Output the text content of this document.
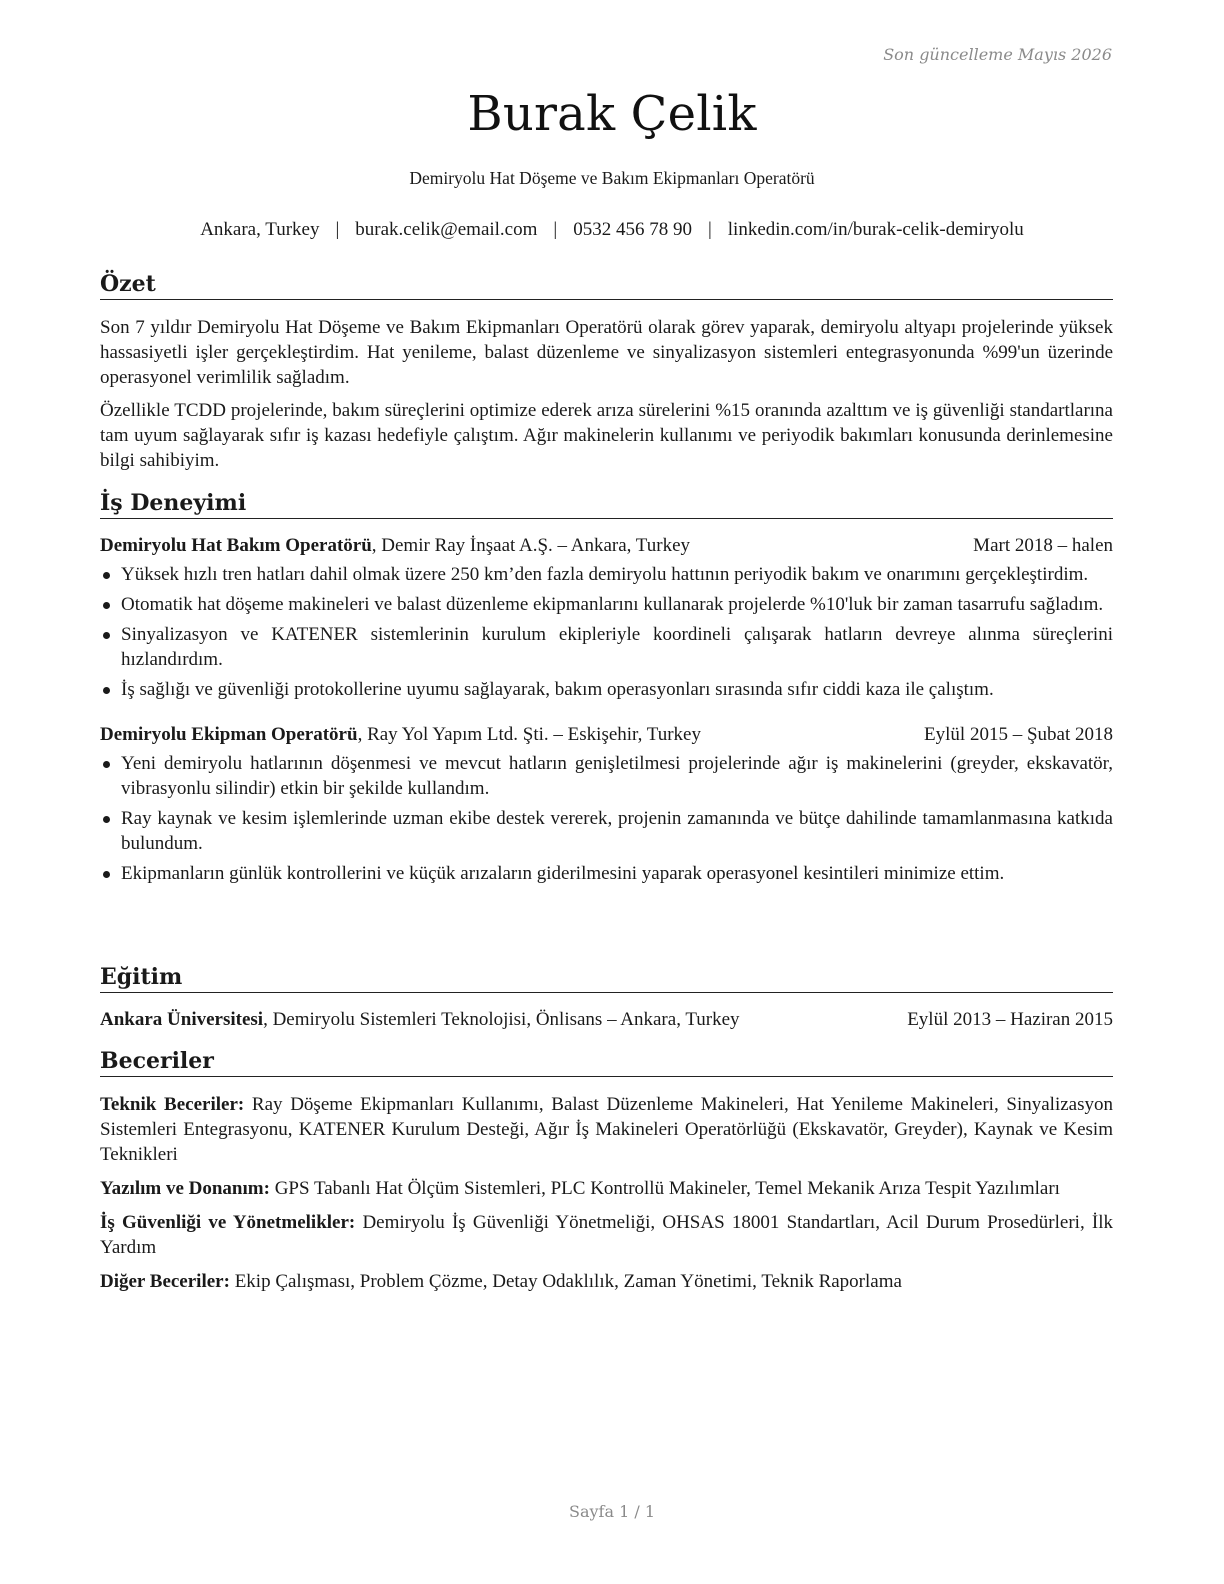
Son güncelleme Mayıs 2026
Burak Çelik
Demiryolu Hat Döşeme ve Bakım Ekipmanları Operatörü
Ankara, Turkey | burak.celik@email.com | 0532 456 78 90 | linkedin.com/in/burak-celik-demiryolu
Özet

Son 7 yıldır Demiryolu Hat Döşeme ve Bakım Ekipmanları Operatörü olarak görev yaparak, demiryolu altyapı projelerinde yüksek hassasiyetli işler gerçekleştirdim. Hat yenileme, balast düzenleme ve sinyalizasyon sistemleri entegrasyonunda %99'un üzerinde operasyonel verimlilik sağladım.

Özellikle TCDD projelerinde, bakım süreçlerini optimize ederek arıza sürelerini %15 oranında azalttım ve iş güvenliği standartlarına tam uyum sağlayarak sıfır iş kazası hedefiyle çalıştım. Ağır makinelerin kullanımı ve periyodik bakımları konusunda derinlemesine bilgi sahibiyim.

İş Deneyimi
Demiryolu Hat Bakım Operatörü, Demir Ray İnşaat A.Ş. – Ankara, Turkey	Mart 2018 – halen
Yüksek hızlı tren hatları dahil olmak üzere 250 km’den fazla demiryolu hattının periyodik bakım ve onarımını gerçekleştirdim.
Otomatik hat döşeme makineleri ve balast düzenleme ekipmanlarını kullanarak projelerde %10'luk bir zaman tasarrufu sağladım.
Sinyalizasyon ve KATENER sistemlerinin kurulum ekipleriyle koordineli çalışarak hatların devreye alınma süreçlerini hızlandırdım.
İş sağlığı ve güvenliği protokollerine uyumu sağlayarak, bakım operasyonları sırasında sıfır ciddi kaza ile çalıştım.
Demiryolu Ekipman Operatörü, Ray Yol Yapım Ltd. Şti. – Eskişehir, Turkey	Eylül 2015 – Şubat 2018
Yeni demiryolu hatlarının döşenmesi ve mevcut hatların genişletilmesi projelerinde ağır iş makinelerini (greyder, ekskavatör, vibrasyonlu silindir) etkin bir şekilde kullandım.
Ray kaynak ve kesim işlemlerinde uzman ekibe destek vererek, projenin zamanında ve bütçe dahilinde tamamlanmasına katkıda bulundum.
Ekipmanların günlük kontrollerini ve küçük arızaların giderilmesini yaparak operasyonel kesintileri minimize ettim.
Eğitim
Ankara Üniversitesi, Demiryolu Sistemleri Teknolojisi, Önlisans – Ankara, Turkey	Eylül 2013 – Haziran 2015
Beceriler

Teknik Beceriler: Ray Döşeme Ekipmanları Kullanımı, Balast Düzenleme Makineleri, Hat Yenileme Makineleri, Sinyalizasyon Sistemleri Entegrasyonu, KATENER Kurulum Desteği, Ağır İş Makineleri Operatörlüğü (Ekskavatör, Greyder), Kaynak ve Kesim Teknikleri

Yazılım ve Donanım: GPS Tabanlı Hat Ölçüm Sistemleri, PLC Kontrollü Makineler, Temel Mekanik Arıza Tespit Yazılımları

İş Güvenliği ve Yönetmelikler: Demiryolu İş Güvenliği Yönetmeliği, OHSAS 18001 Standartları, Acil Durum Prosedürleri, İlk Yardım

Diğer Beceriler: Ekip Çalışması, Problem Çözme, Detay Odaklılık, Zaman Yönetimi, Teknik Raporlama

Sayfa 1 / 1
